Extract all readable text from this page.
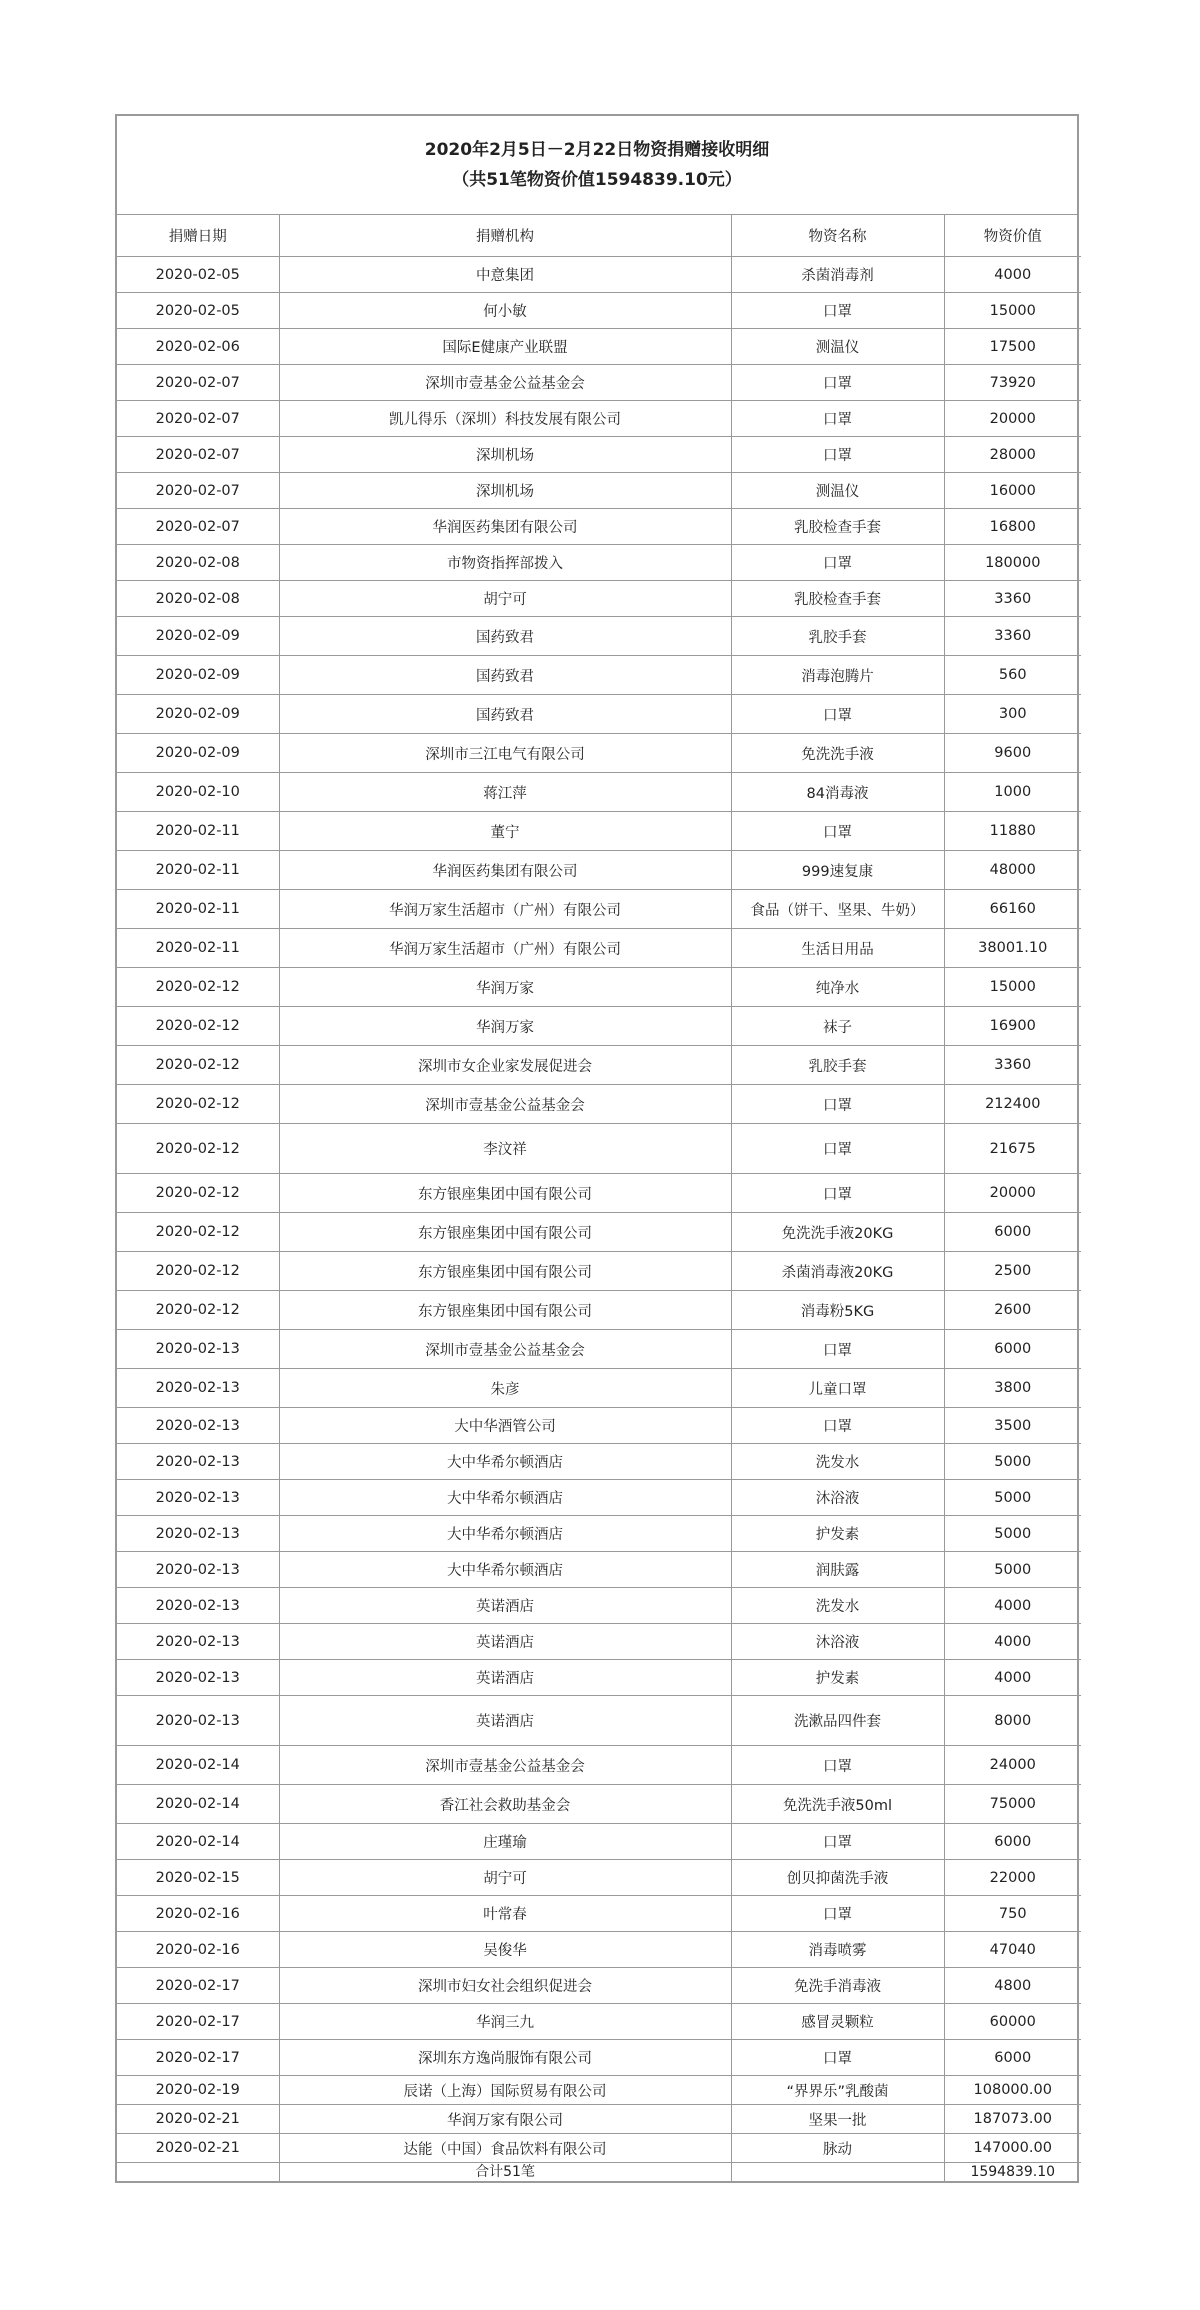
2020年2月5日－2月22日物资捐赠接收明细
（共51笔物资价值1594839.10元）
捐赠日期	捐赠机构	物资名称	物资价值
2020-02-05	中意集团	杀菌消毒剂	4000
2020-02-05	何小敏	口罩	15000
2020-02-06	国际E健康产业联盟	测温仪	17500
2020-02-07	深圳市壹基金公益基金会	口罩	73920
2020-02-07	凯儿得乐（深圳）科技发展有限公司	口罩	20000
2020-02-07	深圳机场	口罩	28000
2020-02-07	深圳机场	测温仪	16000
2020-02-07	华润医药集团有限公司	乳胶检查手套	16800
2020-02-08	市物资指挥部拨入	口罩	180000
2020-02-08	胡宁可	乳胶检查手套	3360
2020-02-09	国药致君	乳胶手套	3360
2020-02-09	国药致君	消毒泡腾片	560
2020-02-09	国药致君	口罩	300
2020-02-09	深圳市三江电气有限公司	免洗洗手液	9600
2020-02-10	蒋江萍	84消毒液	1000
2020-02-11	董宁	口罩	11880
2020-02-11	华润医药集团有限公司	999速复康	48000
2020-02-11	华润万家生活超市（广州）有限公司	食品（饼干、坚果、牛奶）	66160
2020-02-11	华润万家生活超市（广州）有限公司	生活日用品	38001.10
2020-02-12	华润万家	纯净水	15000
2020-02-12	华润万家	袜子	16900
2020-02-12	深圳市女企业家发展促进会	乳胶手套	3360
2020-02-12	深圳市壹基金公益基金会	口罩	212400
2020-02-12	李汶祥	口罩	21675
2020-02-12	东方银座集团中国有限公司	口罩	20000
2020-02-12	东方银座集团中国有限公司	免洗洗手液20KG	6000
2020-02-12	东方银座集团中国有限公司	杀菌消毒液20KG	2500
2020-02-12	东方银座集团中国有限公司	消毒粉5KG	2600
2020-02-13	深圳市壹基金公益基金会	口罩	6000
2020-02-13	朱彦	儿童口罩	3800
2020-02-13	大中华酒管公司	口罩	3500
2020-02-13	大中华希尔顿酒店	洗发水	5000
2020-02-13	大中华希尔顿酒店	沐浴液	5000
2020-02-13	大中华希尔顿酒店	护发素	5000
2020-02-13	大中华希尔顿酒店	润肤露	5000
2020-02-13	英诺酒店	洗发水	4000
2020-02-13	英诺酒店	沐浴液	4000
2020-02-13	英诺酒店	护发素	4000
2020-02-13	英诺酒店	洗漱品四件套	8000
2020-02-14	深圳市壹基金公益基金会	口罩	24000
2020-02-14	香江社会救助基金会	免洗洗手液50ml	75000
2020-02-14	庄瑾瑜	口罩	6000
2020-02-15	胡宁可	创贝抑菌洗手液	22000
2020-02-16	叶常春	口罩	750
2020-02-16	吴俊华	消毒喷雾	47040
2020-02-17	深圳市妇女社会组织促进会	免洗手消毒液	4800
2020-02-17	华润三九	感冒灵颗粒	60000
2020-02-17	深圳东方逸尚服饰有限公司	口罩	6000
2020-02-19	辰诺（上海）国际贸易有限公司	“界界乐”乳酸菌	108000.00
2020-02-21	华润万家有限公司	坚果一批	187073.00
2020-02-21	达能（中国）食品饮料有限公司	脉动	147000.00
	合计51笔		1594839.10
